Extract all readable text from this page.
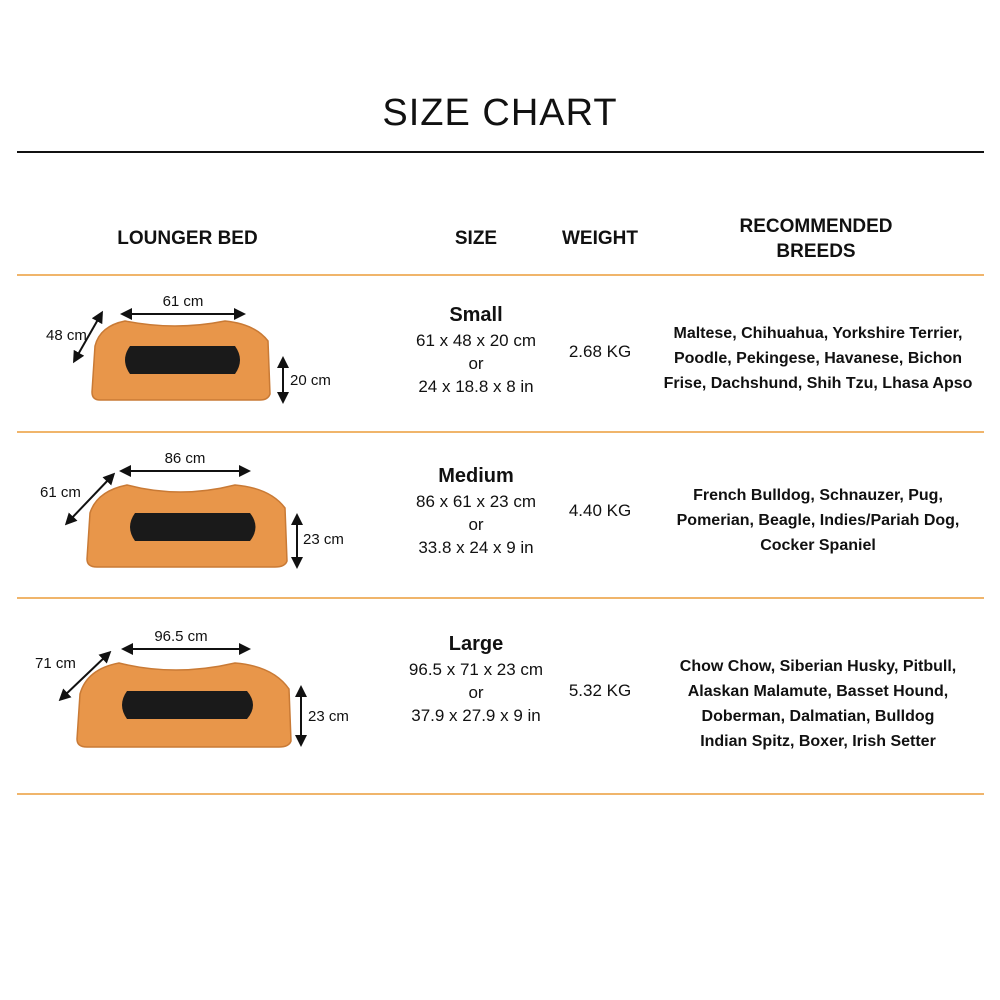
SIZE CHART
LOUNGER BED	SIZE	WEIGHT
RECOMMENDED
BREEDS
61 cm
48 cm
20 cm
Small
61 x 48 x 20 cm
or
24 x 18.8 x 8 in
2.68 KG
Maltese, Chihuahua, Yorkshire Terrier,
Poodle, Pekingese, Havanese, Bichon
Frise, Dachshund, Shih Tzu, Lhasa Apso
86 cm
61 cm
23 cm
Medium
86 x 61 x 23 cm
or
33.8 x 24 x 9 in
4.40 KG
French Bulldog, Schnauzer, Pug,
Pomerian, Beagle, Indies/Pariah Dog,
Cocker Spaniel
96.5 cm
71 cm
23 cm
Large
96.5 x 71 x 23 cm
or
37.9 x 27.9 x 9 in
5.32 KG
Chow Chow, Siberian Husky, Pitbull,
Alaskan Malamute, Basset Hound,
Doberman, Dalmatian, Bulldog
Indian Spitz, Boxer, Irish Setter
